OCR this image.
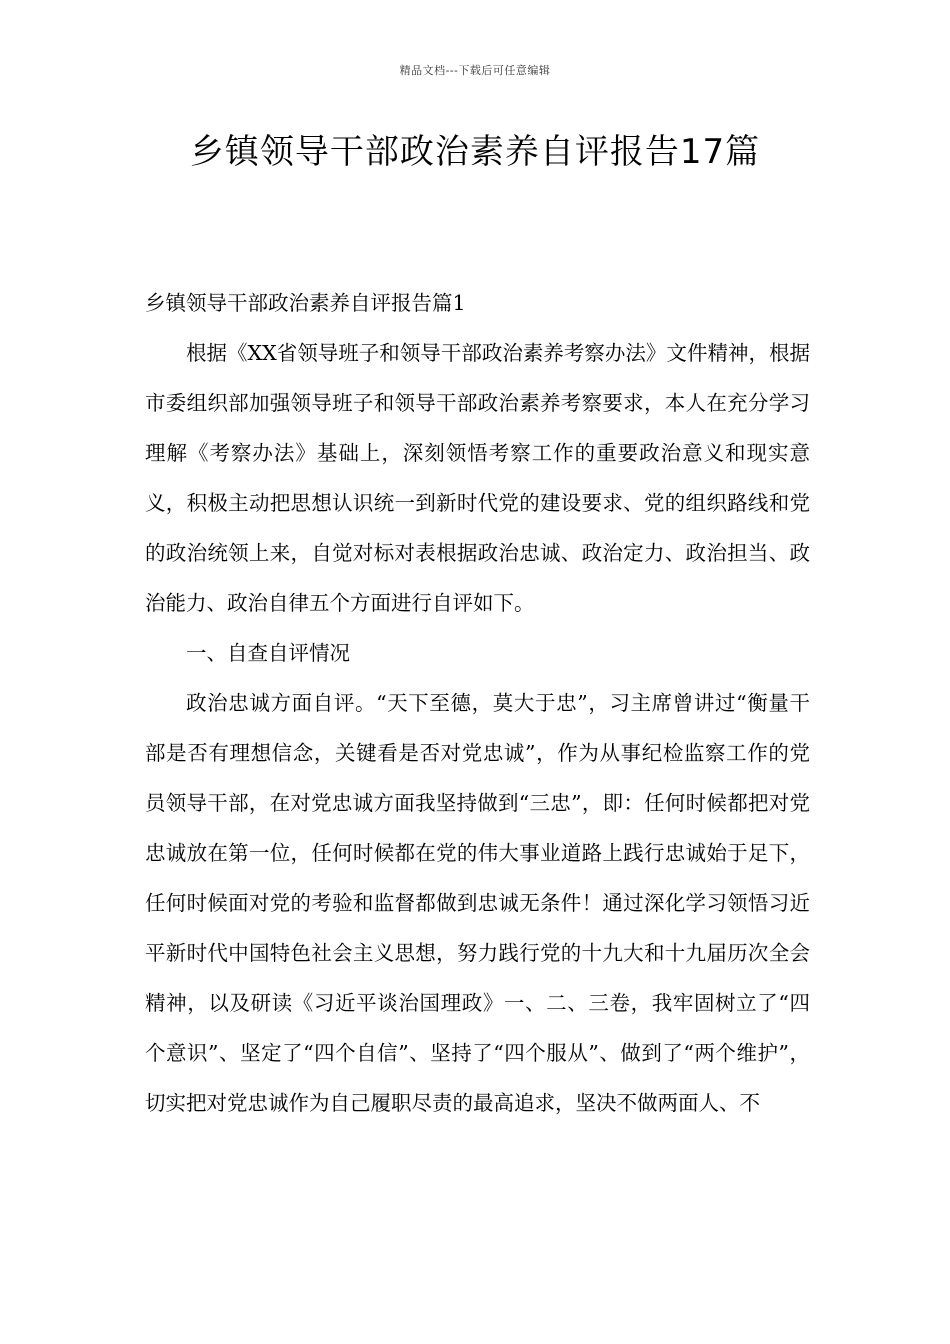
精品文档---下载后可任意编辑
乡镇领导干部政治素养自评报告17篇

乡镇领导干部政治素养自评报告篇1

根据《XX省领导班子和领导干部政治素养考察办法》文件精神，根据市委组织部加强领导班子和领导干部政治素养考察要求，本人在充分学习理解《考察办法》基础上，深刻领悟考察工作的重要政治意义和现实意义，积极主动把思想认识统一到新时代党的建设要求、党的组织路线和党的政治统领上来，自觉对标对表根据政治忠诚、政治定力、政治担当、政治能力、政治自律五个方面进行自评如下。

一、自查自评情况

政治忠诚方面自评。“天下至德，莫大于忠”，习主席曾讲过“衡量干部是否有理想信念，关键看是否对党忠诚”，作为从事纪检监察工作的党员领导干部，在对党忠诚方面我坚持做到“三忠”，即：任何时候都把对党忠诚放在第一位，任何时候都在党的伟大事业道路上践行忠诚始于足下，任何时候面对党的考验和监督都做到忠诚无条件！通过深化学习领悟习近平新时代中国特色社会主义思想，努力践行党的十九大和十九届历次全会精神，以及研读《习近平谈治国理政》一、二、三卷，我牢固树立了“四个意识”、坚定了“四个自信”、坚持了“四个服从”、做到了“两个维护”，切实把对党忠诚作为自己履职尽责的最高追求，坚决不做两面人、不
